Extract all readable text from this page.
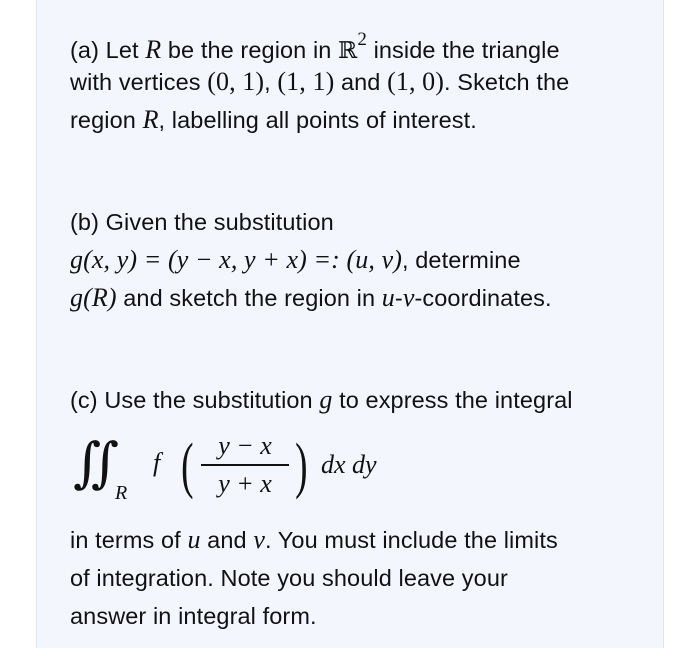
(a) Let R be the region in ℝ$^2$ inside the triangle
with vertices (0, 1), (1, 1) and (1, 0). Sketch the
region R, labelling all points of interest.
(b) Given the substitution
g(x, y) = (y − x, y + x) =: (u, v), determine
g(R) and sketch the region in u-v-coordinates.
(c) Use the substitution g to express the integral
∬
R
f ( y − x
y + x ) dx dy
in terms of u and v. You must include the limits
of integration. Note you should leave your
answer in integral form.
